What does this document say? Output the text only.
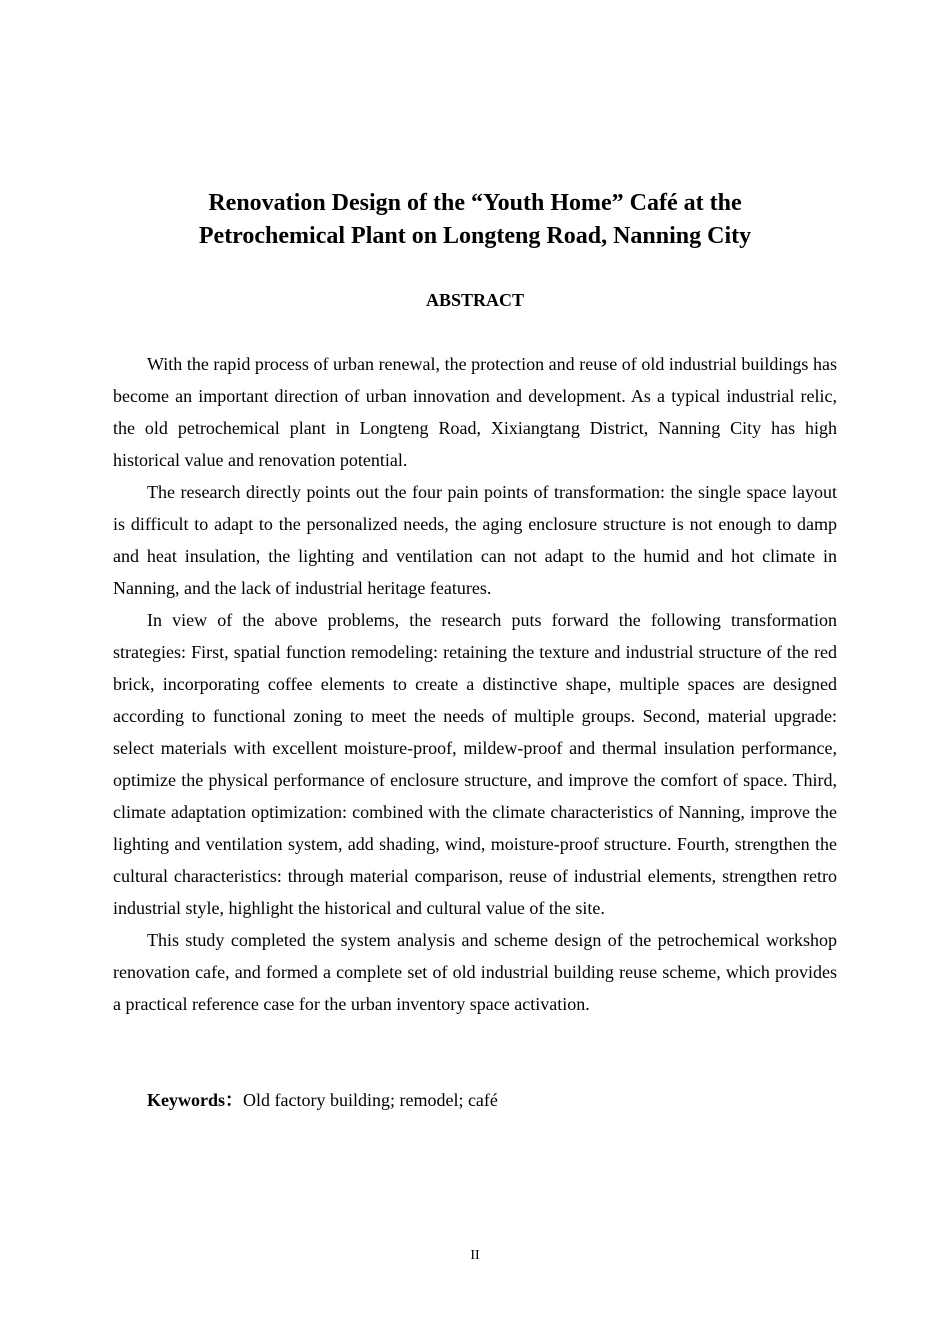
Renovation Design of the “Youth Home” Café at the
Petrochemical Plant on Longteng Road, Nanning City
ABSTRACT

With the rapid process of urban renewal, the protection and reuse of old industrial buildings has become an important direction of urban innovation and development. As a typical industrial relic, the old petrochemical plant in Longteng Road, Xixiangtang District, Nanning City has high historical value and renovation potential.

The research directly points out the four pain points of transformation: the single space layout is difficult to adapt to the personalized needs, the aging enclosure structure is not enough to damp and heat insulation, the lighting and ventilation can not adapt to the humid and hot climate in Nanning, and the lack of industrial heritage features.

In view of the above problems, the research puts forward the following transformation strategies: First, spatial function remodeling: retaining the texture and industrial structure of the red brick, incorporating coffee elements to create a distinctive shape, multiple spaces are designed according to functional zoning to meet the needs of multiple groups. Second, material upgrade: select materials with excellent moisture-proof, mildew-proof and thermal insulation performance, optimize the physical performance of enclosure structure, and improve the comfort of space. Third, climate adaptation optimization: combined with the climate characteristics of Nanning, improve the lighting and ventilation system, add shading, wind, moisture-proof structure. Fourth, strengthen the cultural characteristics: through material comparison, reuse of industrial elements, strengthen retro industrial style, highlight the historical and cultural value of the site.

This study completed the system analysis and scheme design of the petrochemical workshop renovation cafe, and formed a complete set of old industrial building reuse scheme, which provides a practical reference case for the urban inventory space activation.

Keywords：Old factory building; remodel; café
II
